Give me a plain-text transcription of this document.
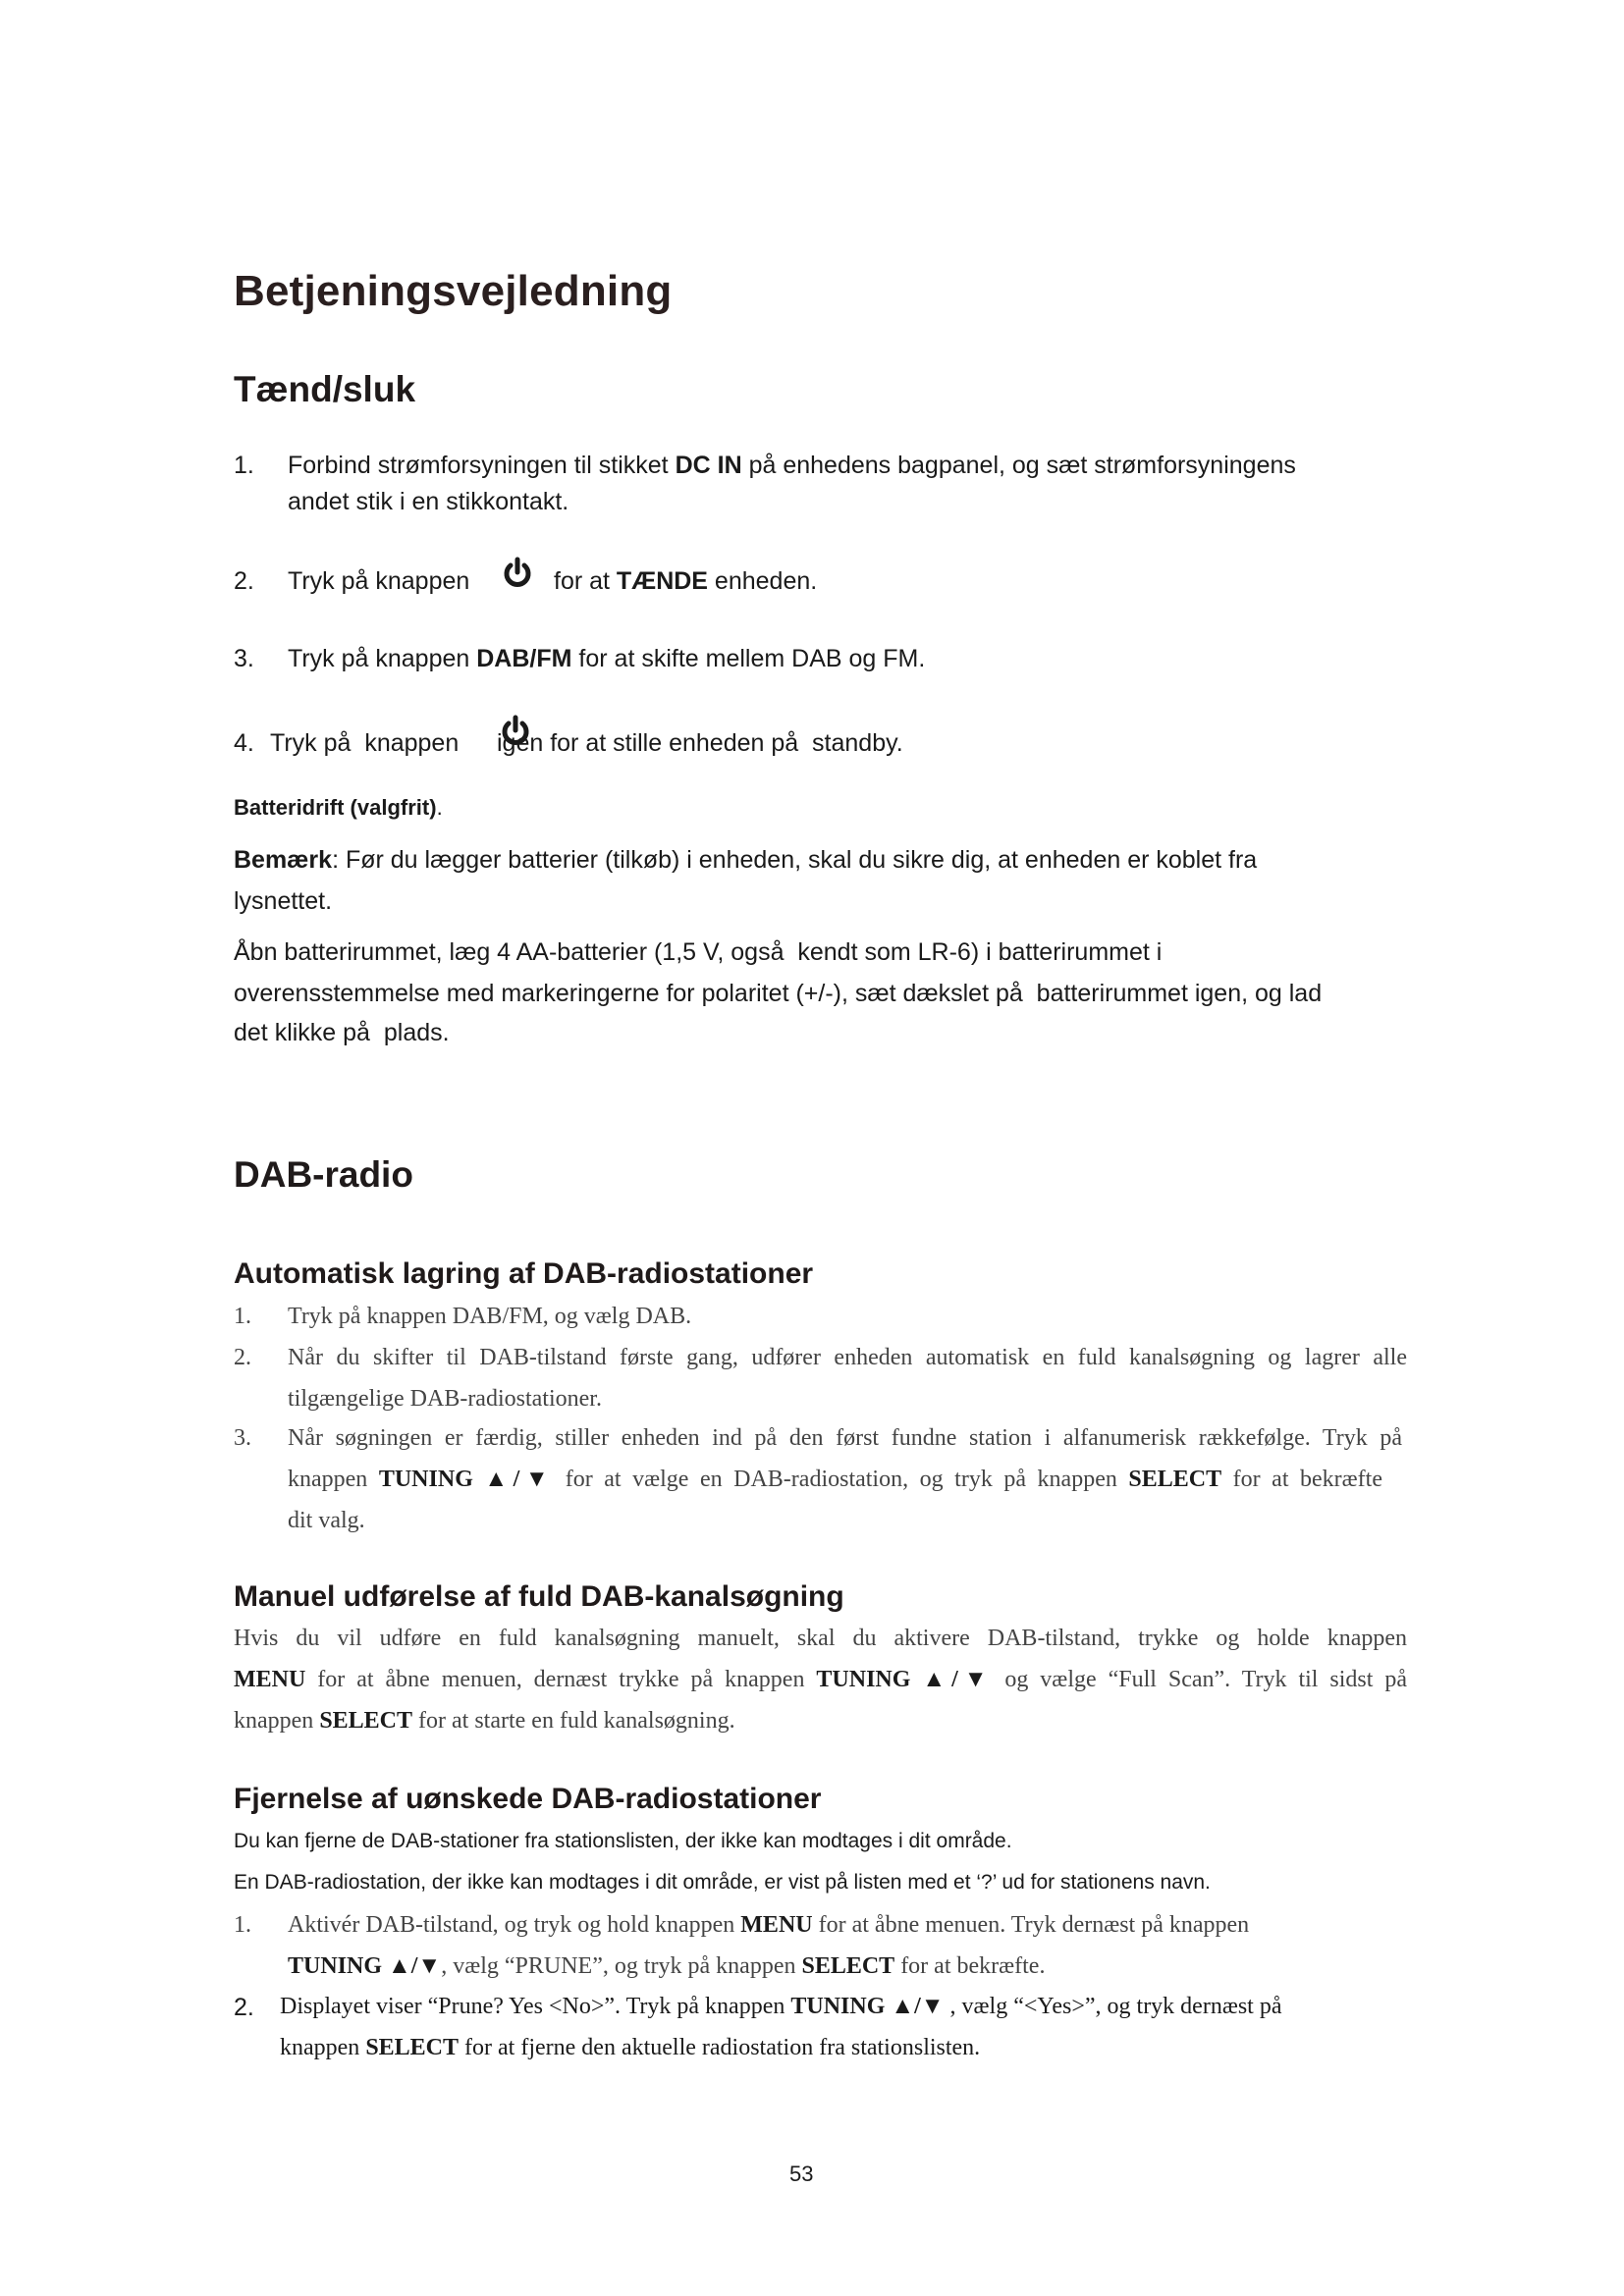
Betjeningsvejledning
Tænd/sluk
1. Forbind strømforsyningen til stikket DC IN på enhedens bagpanel, og sæt strømforsyningens
andet stik i en stikkontakt.
2. Tryk på knappen	for at TÆNDE enheden.
3. Tryk på knappen DAB/FM for at skifte mellem DAB og FM.
4. Tryk på  knappen igen for at stille enheden på  standby.
Batteridrift (valgfrit).
Bemærk: Før du lægger batterier (tilkøb) i enheden, skal du sikre dig, at enheden er koblet fra
lysnettet.
Åbn batterirummet, læg 4 AA-batterier (1,5 V, også  kendt som LR-6) i batterirummet i
overensstemmelse med markeringerne for polaritet (+/-), sæt dækslet på  batterirummet igen, og lad
det klikke på  plads.
DAB-radio
Automatisk lagring af DAB-radiostationer
1. Tryk på knappen DAB/FM, og vælg DAB.
2. Når du skifter til DAB-tilstand første gang, udfører enheden automatisk en fuld kanalsøgning og lagrer alle
tilgængelige DAB-radiostationer.
3. Når søgningen er færdig, stiller enheden ind på den først fundne station i alfanumerisk rækkefølge. Tryk på
knappen TUNING ▲/▼ for at vælge en DAB-radiostation, og tryk på knappen SELECT for at bekræfte
dit valg.
Manuel udførelse af fuld DAB-kanalsøgning
Hvis du vil udføre en fuld kanalsøgning manuelt, skal du aktivere DAB-tilstand, trykke og holde knappen
MENU for at åbne menuen, dernæst trykke på knappen TUNING ▲/▼ og vælge “Full Scan”. Tryk til sidst på
knappen SELECT for at starte en fuld kanalsøgning.
Fjernelse af uønskede DAB-radiostationer
Du kan fjerne de DAB-stationer fra stationslisten, der ikke kan modtages i dit område.
En DAB-radiostation, der ikke kan modtages i dit område, er vist på listen med et ‘?’ ud for stationens navn.
1. Aktivér DAB-tilstand, og tryk og hold knappen MENU for at åbne menuen. Tryk dernæst på knappen
TUNING ▲/▼, vælg “PRUNE”, og tryk på knappen SELECT for at bekræfte.
2. Displayet viser “Prune? Yes <No>”. Tryk på knappen TUNING ▲/▼ , vælg “<Yes>”, og tryk dernæst på
knappen SELECT for at fjerne den aktuelle radiostation fra stationslisten.
53
